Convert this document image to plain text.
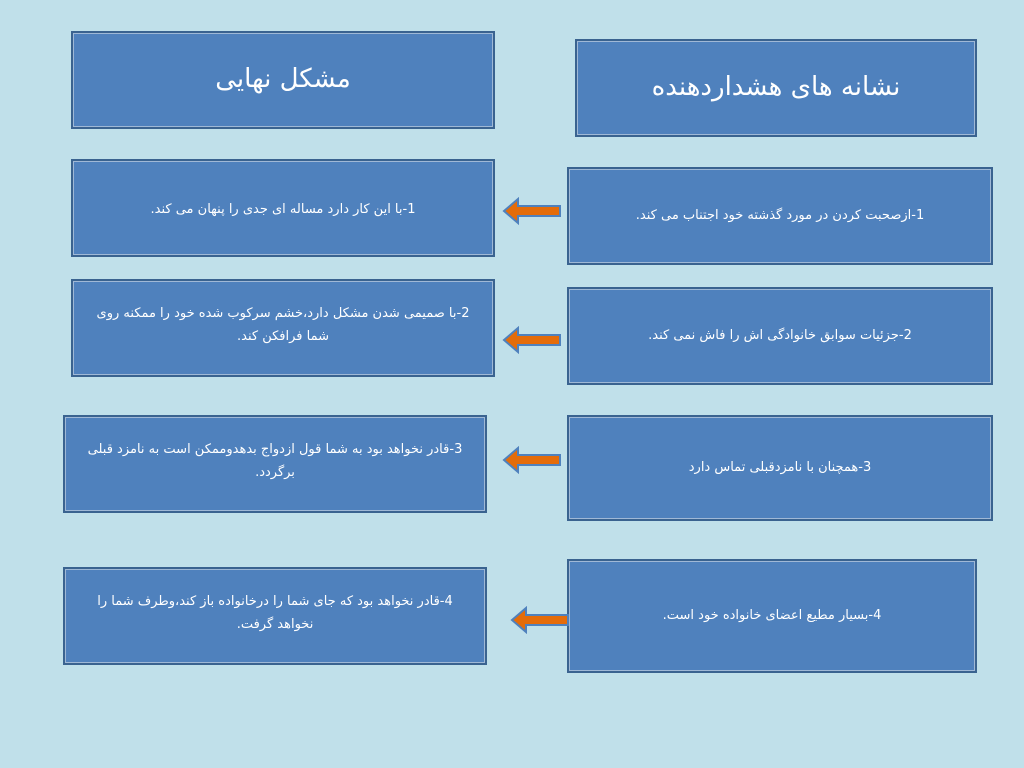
مشکل نهایی	نشانه های هشداردهنده
1-با این کار دارد مساله ای جدی را پنهان می کند.
2-با صمیمی شدن مشکل دارد،خشم سرکوب شده خود را ممکنه روی شما فرافکن کند.
3-قادر نخواهد بود به شما قول ازدواج بدهدوممکن است به نامزد قبلی برگردد.
4-قادر نخواهد بود که جای شما را درخانواده باز کند،وطرف شما را نخواهد گرفت.
1-ازصحبت کردن در مورد گذشته خود اجتناب می کند.
2-جزئیات سوابق خانوادگی اش را فاش نمی کند.
3-همچنان با نامزدقبلی تماس دارد
4-بسیار مطیع اعضای خانواده خود است.
